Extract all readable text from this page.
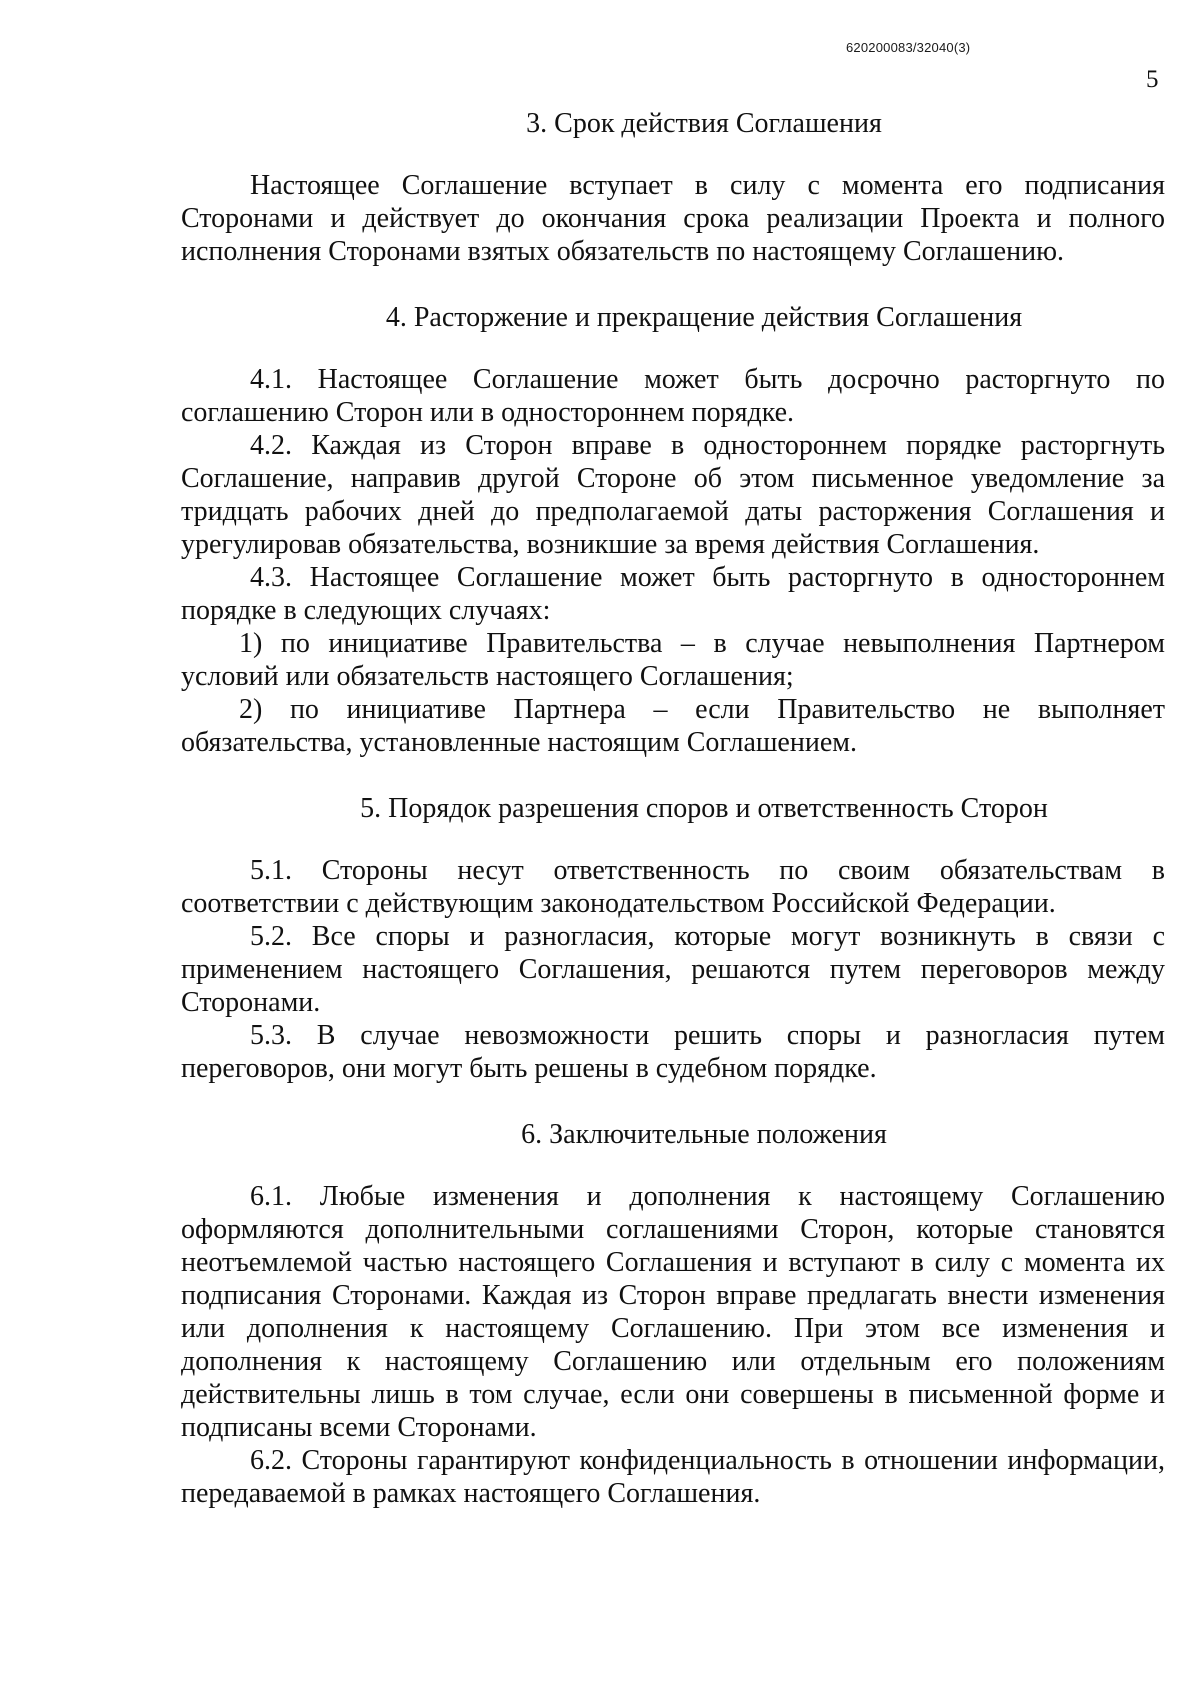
620200083/32040(3)
5
3. Срок действия Соглашения

Настоящее Соглашение вступает в силу с момента его подписания Сторонами и действует до окончания срока реализации Проекта и полного исполнения Сторонами взятых обязательств по настоящему Соглашению.

4. Расторжение и прекращение действия Соглашения

4.1. Настоящее Соглашение может быть досрочно расторгнуто по соглашению Сторон или в одностороннем порядке.

4.2. Каждая из Сторон вправе в одностороннем порядке расторгнуть Соглашение, направив другой Стороне об этом письменное уведомление за тридцать рабочих дней до предполагаемой даты расторжения Соглашения и урегулировав обязательства, возникшие за время действия Соглашения.

4.3. Настоящее Соглашение может быть расторгнуто в одностороннем порядке в следующих случаях:

1) по инициативе Правительства – в случае невыполнения Партнером условий или обязательств настоящего Соглашения;

2) по инициативе Партнера – если Правительство не выполняет обязательства, установленные настоящим Соглашением.

5. Порядок разрешения споров и ответственность Сторон

5.1. Стороны несут ответственность по своим обязательствам в соответствии с действующим законодательством Российской Федерации.

5.2. Все споры и разногласия, которые могут возникнуть в связи с применением настоящего Соглашения, решаются путем переговоров между Сторонами.

5.3. В случае невозможности решить споры и разногласия путем переговоров, они могут быть решены в судебном порядке.

6. Заключительные положения

6.1. Любые изменения и дополнения к настоящему Соглашению оформляются дополнительными соглашениями Сторон, которые становятся неотъемлемой частью настоящего Соглашения и вступают в силу с момента их подписания Сторонами. Каждая из Сторон вправе предлагать внести изменения или дополнения к настоящему Соглашению. При этом все изменения и дополнения к настоящему Соглашению или отдельным его положениям действительны лишь в том случае, если они совершены в письменной форме и подписаны всеми Сторонами.

6.2. Стороны гарантируют конфиденциальность в отношении информации, передаваемой в рамках настоящего Соглашения.
